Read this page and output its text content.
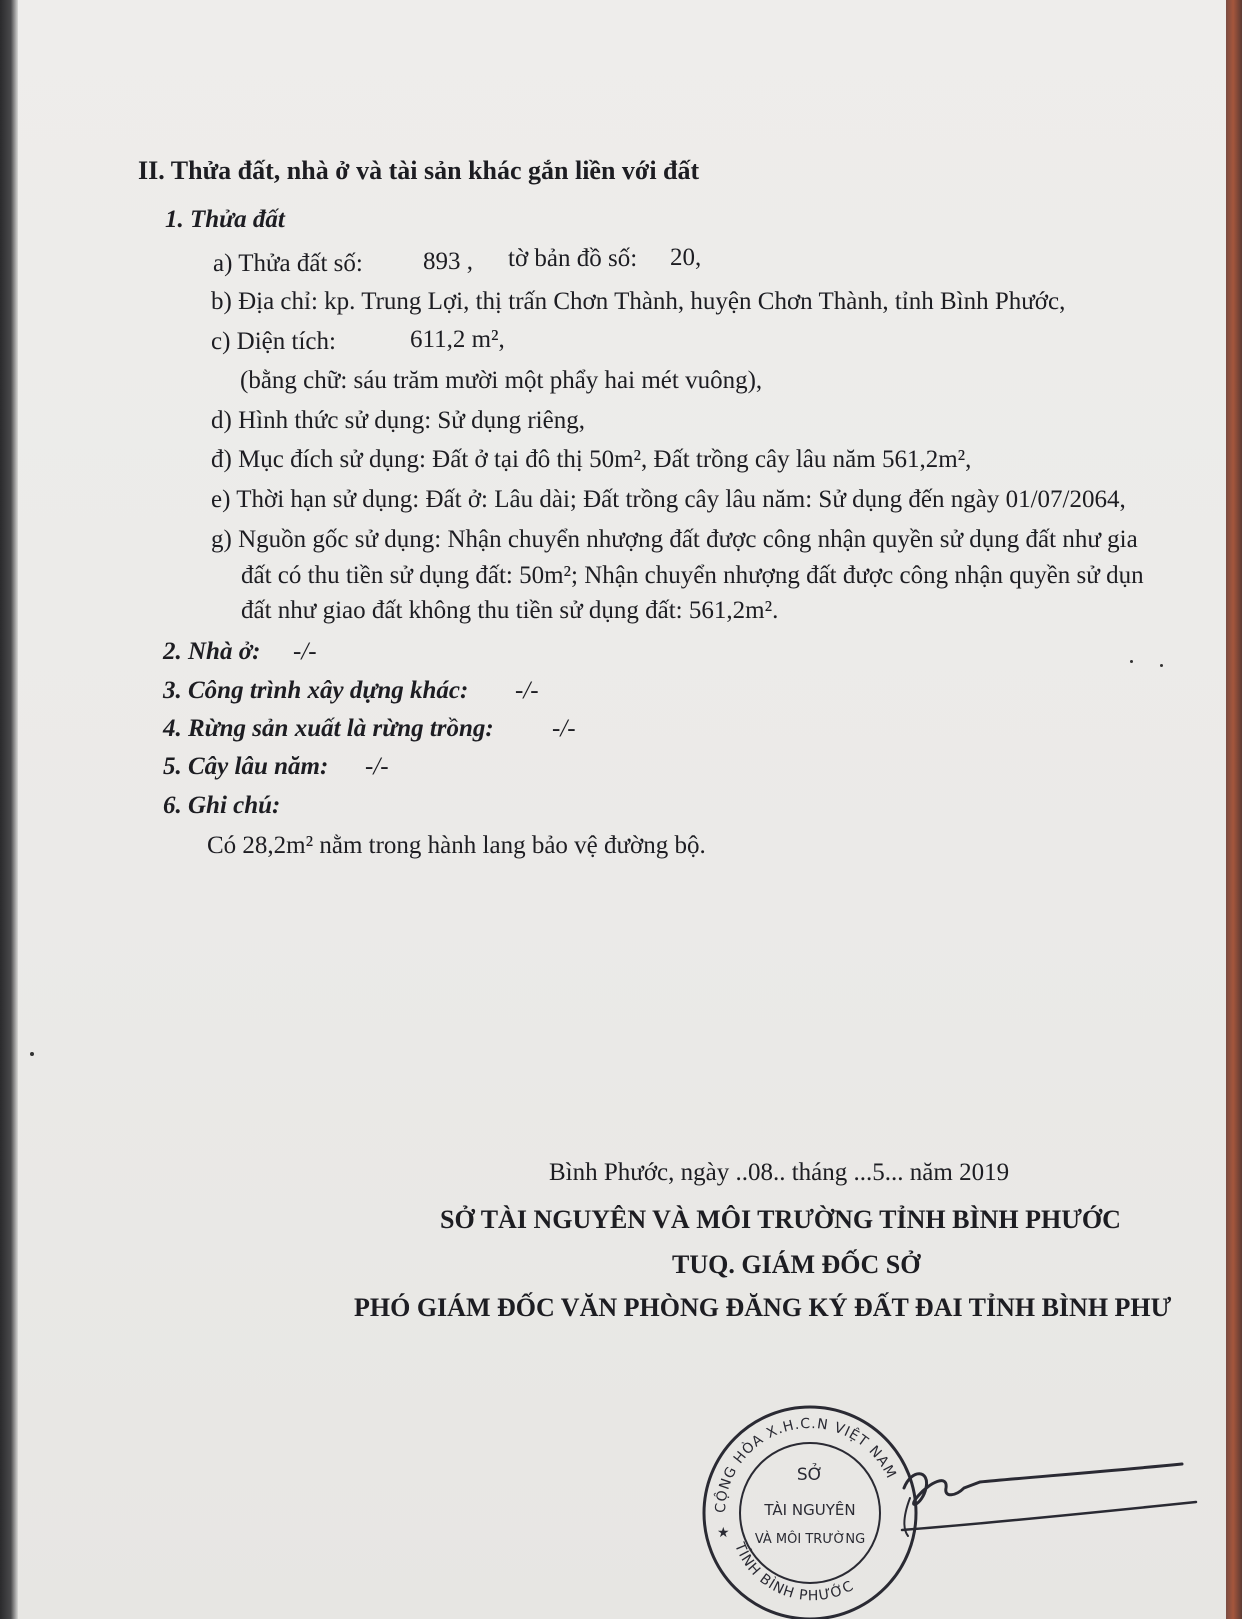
II. Thửa đất, nhà ở và tài sản khác gắn liền với đất
1. Thửa đất
a) Thửa đất số: 893 , tờ bản đồ số: 20,
b) Địa chỉ: kp. Trung Lợi, thị trấn Chơn Thành, huyện Chơn Thành, tỉnh Bình Phước,
c) Diện tích:	611,2 m²,
(bằng chữ: sáu trăm mười một phẩy hai mét vuông),
d) Hình thức sử dụng: Sử dụng riêng,
đ) Mục đích sử dụng: Đất ở tại đô thị 50m², Đất trồng cây lâu năm 561,2m²,
e) Thời hạn sử dụng: Đất ở: Lâu dài; Đất trồng cây lâu năm: Sử dụng đến ngày 01/07/2064,
g) Nguồn gốc sử dụng: Nhận chuyển nhượng đất được công nhận quyền sử dụng đất như gia
đất có thu tiền sử dụng đất: 50m²; Nhận chuyển nhượng đất được công nhận quyền sử dụn
đất như giao đất không thu tiền sử dụng đất: 561,2m².
2. Nhà ở: -/-
3. Công trình xây dựng khác: -/-
4. Rừng sản xuất là rừng trồng: -/-
5. Cây lâu năm: -/-
6. Ghi chú:
Có 28,2m² nằm trong hành lang bảo vệ đường bộ.
Bình Phước, ngày ..08.. tháng ...5... năm 2019
SỞ TÀI NGUYÊN VÀ MÔI TRƯỜNG TỈNH BÌNH PHƯỚC
TUQ. GIÁM ĐỐC SỞ
PHÓ GIÁM ĐỐC VĂN PHÒNG ĐĂNG KÝ ĐẤT ĐAI TỈNH BÌNH PHƯ
CỘNG HÒA X.H.C.N VIỆT NAM
TỈNH BÌNH PHƯỚC
SỞ
TÀI NGUYÊN
VÀ MÔI TRƯỜNG
★
